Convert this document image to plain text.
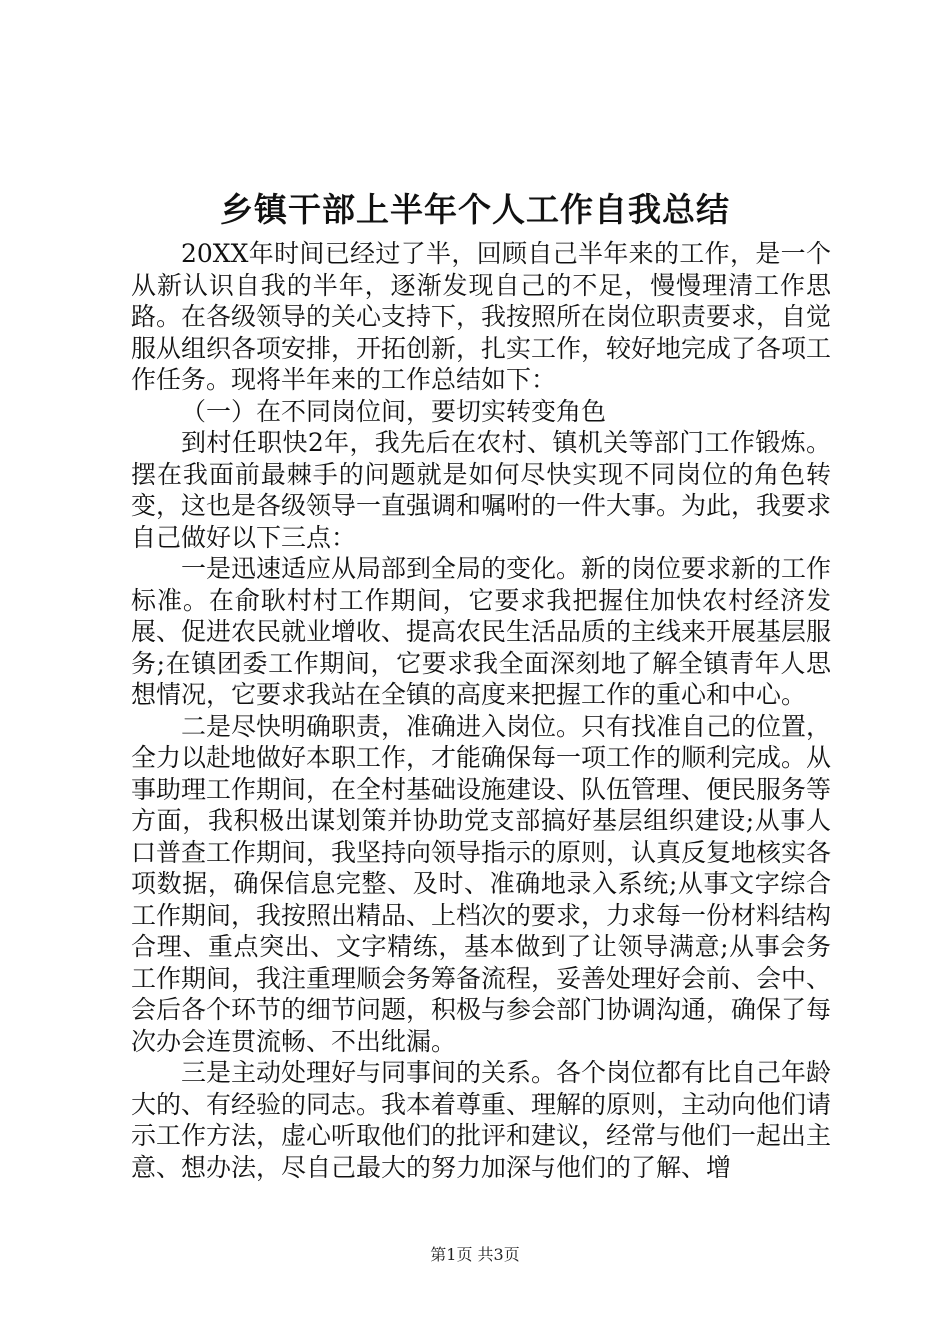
乡镇干部上半年个人工作自我总结

20XX年时间已经过了半，回顾自己半年来的工作，是一个从新认识自我的半年，逐渐发现自己的不足，慢慢理清工作思路。在各级领导的关心支持下，我按照所在岗位职责要求，自觉服从组织各项安排，开拓创新，扎实工作，较好地完成了各项工作任务。现将半年来的工作总结如下：

（一）在不同岗位间，要切实转变角色

到村任职快2年，我先后在农村、镇机关等部门工作锻炼。摆在我面前最棘手的问题就是如何尽快实现不同岗位的角色转变，这也是各级领导一直强调和嘱咐的一件大事。为此，我要求自己做好以下三点：

一是迅速适应从局部到全局的变化。新的岗位要求新的工作标准。在俞耿村村工作期间，它要求我把握住加快农村经济发展、促进农民就业增收、提高农民生活品质的主线来开展基层服务;在镇团委工作期间，它要求我全面深刻地了解全镇青年人思想情况，它要求我站在全镇的高度来把握工作的重心和中心。

二是尽快明确职责，准确进入岗位。只有找准自己的位置，全力以赴地做好本职工作，才能确保每一项工作的顺利完成。从事助理工作期间，在全村基础设施建设、队伍管理、便民服务等方面，我积极出谋划策并协助党支部搞好基层组织建设;从事人口普查工作期间，我坚持向领导指示的原则，认真反复地核实各项数据，确保信息完整、及时、准确地录入系统;从事文字综合工作期间，我按照出精品、上档次的要求，力求每一份材料结构合理、重点突出、文字精练，基本做到了让领导满意;从事会务工作期间，我注重理顺会务筹备流程，妥善处理好会前、会中、会后各个环节的细节问题，积极与参会部门协调沟通，确保了每次办会连贯流畅、不出纰漏。

三是主动处理好与同事间的关系。各个岗位都有比自己年龄大的、有经验的同志。我本着尊重、理解的原则，主动向他们请示工作方法，虚心听取他们的批评和建议，经常与他们一起出主意、想办法，尽自己最大的努力加深与他们的了解、增

第1页 共3页
